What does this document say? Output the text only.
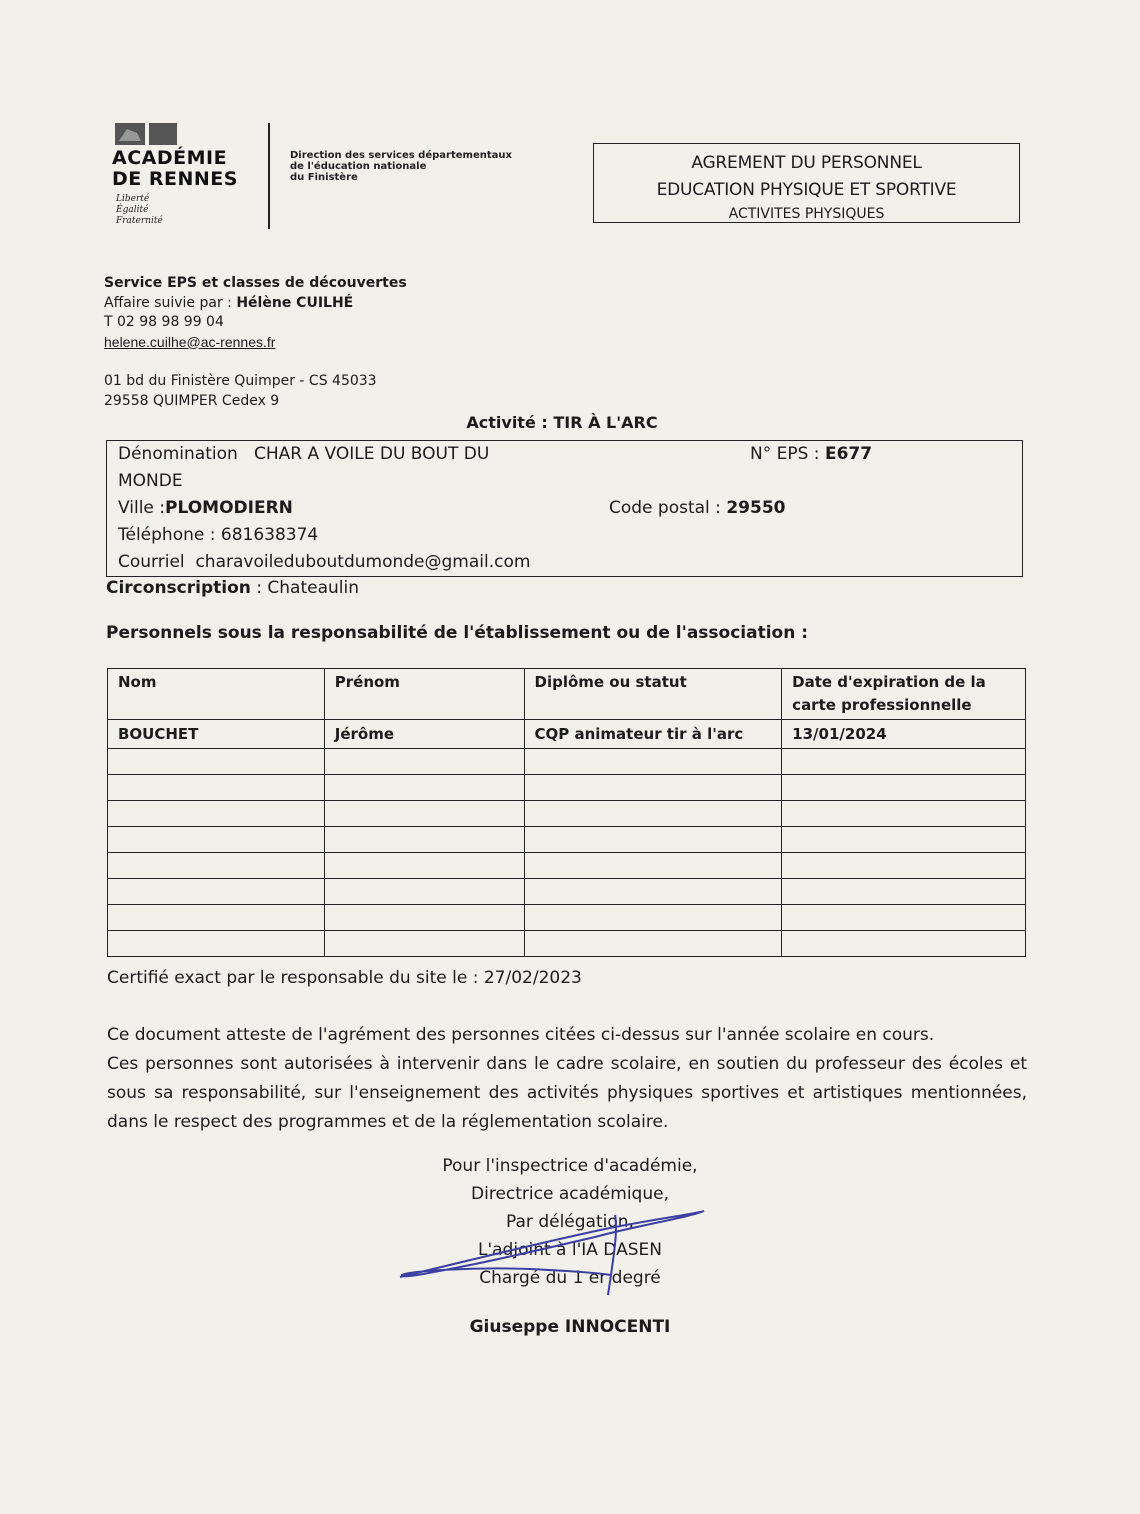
ACADÉMIE
DE RENNES
Liberté
Égalité
Fraternité
Direction des services départementaux
de l'éducation nationale
du Finistère
AGREMENT DU PERSONNEL
EDUCATION PHYSIQUE ET SPORTIVE
ACTIVITES PHYSIQUES
Service EPS et classes de découvertes
Affaire suivie par : Hélène CUILHÉ
T 02 98 98 99 04
helene.cuilhe@ac-rennes.fr
01 bd du Finistère Quimper - CS 45033
29558 QUIMPER Cedex 9
Activité : TIR À L'ARC
Dénomination CHAR A VOILE DU BOUT DU	N° EPS : E677
MONDE
Ville :PLOMODIERN	Code postal : 29550
Téléphone : 681638374
Courriel charavoileduboutdumonde@gmail.com
Circonscription : Chateaulin
Personnels sous la responsabilité de l'établissement ou de l'association :
Nom	Prénom	Diplôme ou statut	Date d'expiration de la carte professionnelle
BOUCHET	Jérôme	CQP animateur tir à l'arc	13/01/2024

Certifié exact par le responsable du site le : 27/02/2023
Ce document atteste de l'agrément des personnes citées ci-dessus sur l'année scolaire en cours.
Ces personnes sont autorisées à intervenir dans le cadre scolaire, en soutien du professeur des écoles et sous sa responsabilité, sur l'enseignement des activités physiques sportives et artistiques mentionnées, dans le respect des programmes et de la réglementation scolaire.
Pour l'inspectrice d'académie,
Directrice académique,
Par délégation,
L'adjoint à l'IA DASEN
Chargé du 1 er degré
Giuseppe INNOCENTI
